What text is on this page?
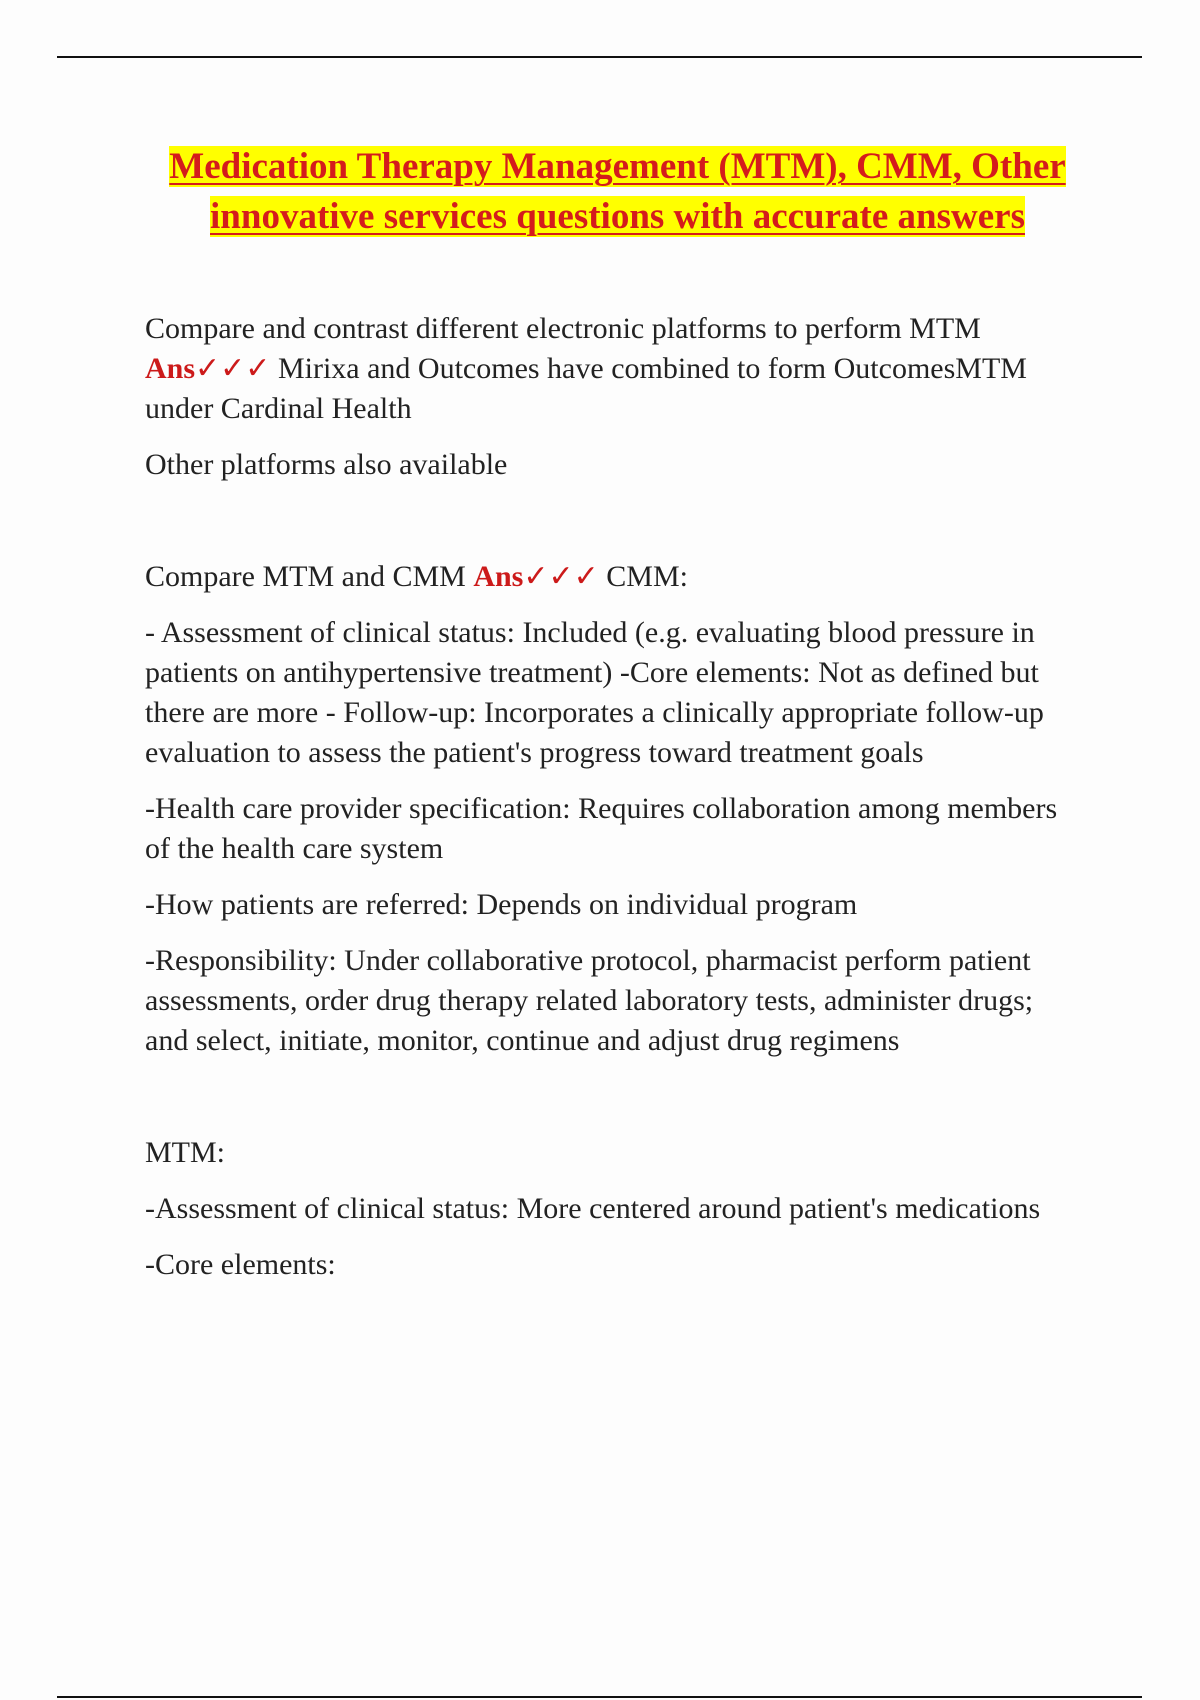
Medication Therapy Management (MTM), CMM, Other innovative services questions with accurate answers

Compare and contrast different electronic platforms to perform MTM Ans✓✓✓ Mirixa and Outcomes have combined to form OutcomesMTM under Cardinal Health

Other platforms also available

Compare MTM and CMM Ans✓✓✓ CMM:

- Assessment of clinical status: Included (e.g. evaluating blood pressure in patients on antihypertensive treatment) -Core elements: Not as defined but there are more - Follow-up: Incorporates a clinically appropriate follow-up evaluation to assess the patient's progress toward treatment goals

-Health care provider specification: Requires collaboration among members of the health care system

-How patients are referred: Depends on individual program

-Responsibility: Under collaborative protocol, pharmacist perform patient assessments, order drug therapy related laboratory tests, administer drugs; and select, initiate, monitor, continue and adjust drug regimens

MTM:

-Assessment of clinical status: More centered around patient's medications

-Core elements:
